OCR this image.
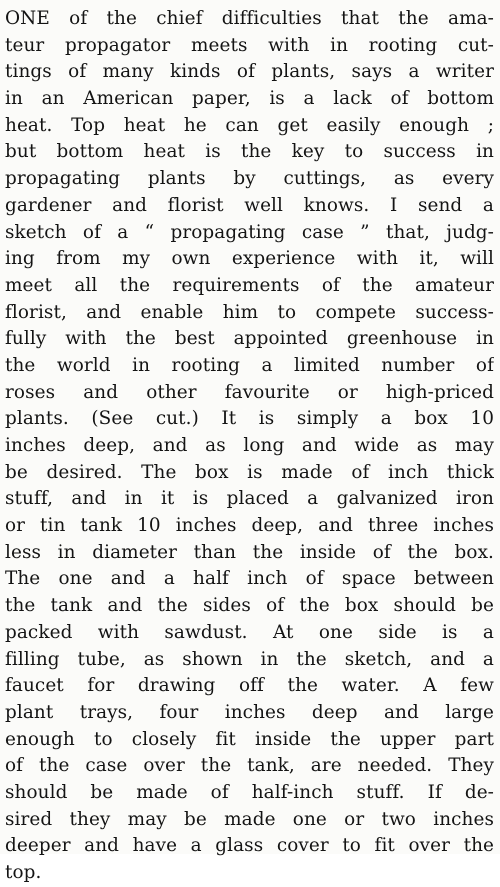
ONE of the chief difficulties that the ama-
teur propagator meets with in rooting cut-
tings of many kinds of plants, says a writer
in an American paper, is a lack of bottom
heat. Top heat he can get easily enough ;
but bottom heat is the key to success in
propagating plants by cuttings, as every
gardener and florist well knows. I send a
sketch of a “ propagating case ” that, judg-
ing from my own experience with it, will
meet all the requirements of the amateur
florist, and enable him to compete success-
fully with the best appointed greenhouse in
the world in rooting a limited number of
roses and other favourite or high-priced
plants. (See cut.) It is simply a box 10
inches deep, and as long and wide as may
be desired. The box is made of inch thick
stuff, and in it is placed a galvanized iron
or tin tank 10 inches deep, and three inches
less in diameter than the inside of the box.
The one and a half inch of space between
the tank and the sides of the box should be
packed with sawdust. At one side is a
filling tube, as shown in the sketch, and a
faucet for drawing off the water. A few
plant trays, four inches deep and large
enough to closely fit inside the upper part
of the case over the tank, are needed. They
should be made of half-inch stuff. If de-
sired they may be made one or two inches
deeper and have a glass cover to fit over the
top.
